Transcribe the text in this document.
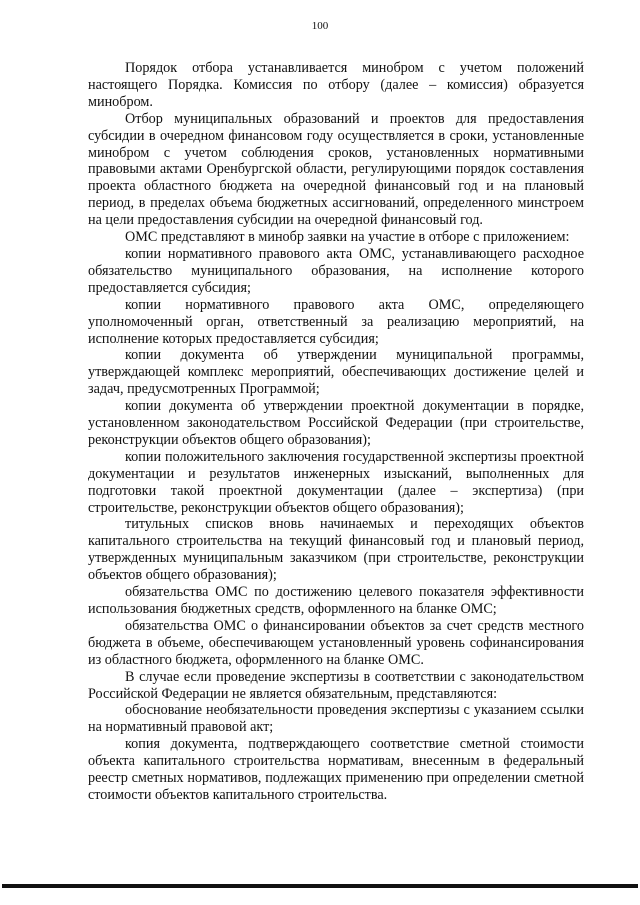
100

Порядок отбора устанавливается минобром с учетом положений настоящего Порядка. Комиссия по отбору (далее – комиссия) образуется минобром.

Отбор муниципальных образований и проектов для предоставления субсидии в очередном финансовом году осуществляется в сроки, установленные минобром с учетом соблюдения сроков, установленных нормативными правовыми актами Оренбургской области, регулирующими порядок составления проекта областного бюджета на очередной финансовый год и на плановый период, в пределах объема бюджетных ассигнований, определенного минстроем на цели предоставления субсидии на очередной финансовый год.

ОМС представляют в минобр заявки на участие в отборе с приложением:

копии нормативного правового акта ОМС, устанавливающего расходное обязательство муниципального образования, на исполнение которого предоставляется субсидия;

копии нормативного правового акта ОМС, определяющего уполномоченный орган, ответственный за реализацию мероприятий, на исполнение которых предоставляется субсидия;

копии документа об утверждении муниципальной программы, утверждающей комплекс мероприятий, обеспечивающих достижение целей и задач, предусмотренных Программой;

копии документа об утверждении проектной документации в порядке, установленном законодательством Российской Федерации (при строительстве, реконструкции объектов общего образования);

копии положительного заключения государственной экспертизы проектной документации и результатов инженерных изысканий, выполненных для подготовки такой проектной документации (далее – экспертиза) (при строительстве, реконструкции объектов общего образования);

титульных списков вновь начинаемых и переходящих объектов капитального строительства на текущий финансовый год и плановый период, утвержденных муниципальным заказчиком (при строительстве, реконструкции объектов общего образования);

обязательства ОМС по достижению целевого показателя эффективности использования бюджетных средств, оформленного на бланке ОМС;

обязательства ОМС о финансировании объектов за счет средств местного бюджета в объеме, обеспечивающем установленный уровень софинансирования из областного бюджета, оформленного на бланке ОМС.

В случае если проведение экспертизы в соответствии с законодательством Российской Федерации не является обязательным, представляются:

обоснование необязательности проведения экспертизы с указанием ссылки на нормативный правовой акт;

копия документа, подтверждающего соответствие сметной стоимости объекта капитального строительства нормативам, внесенным в федеральный реестр сметных нормативов, подлежащих применению при определении сметной стоимости объектов капитального строительства.
